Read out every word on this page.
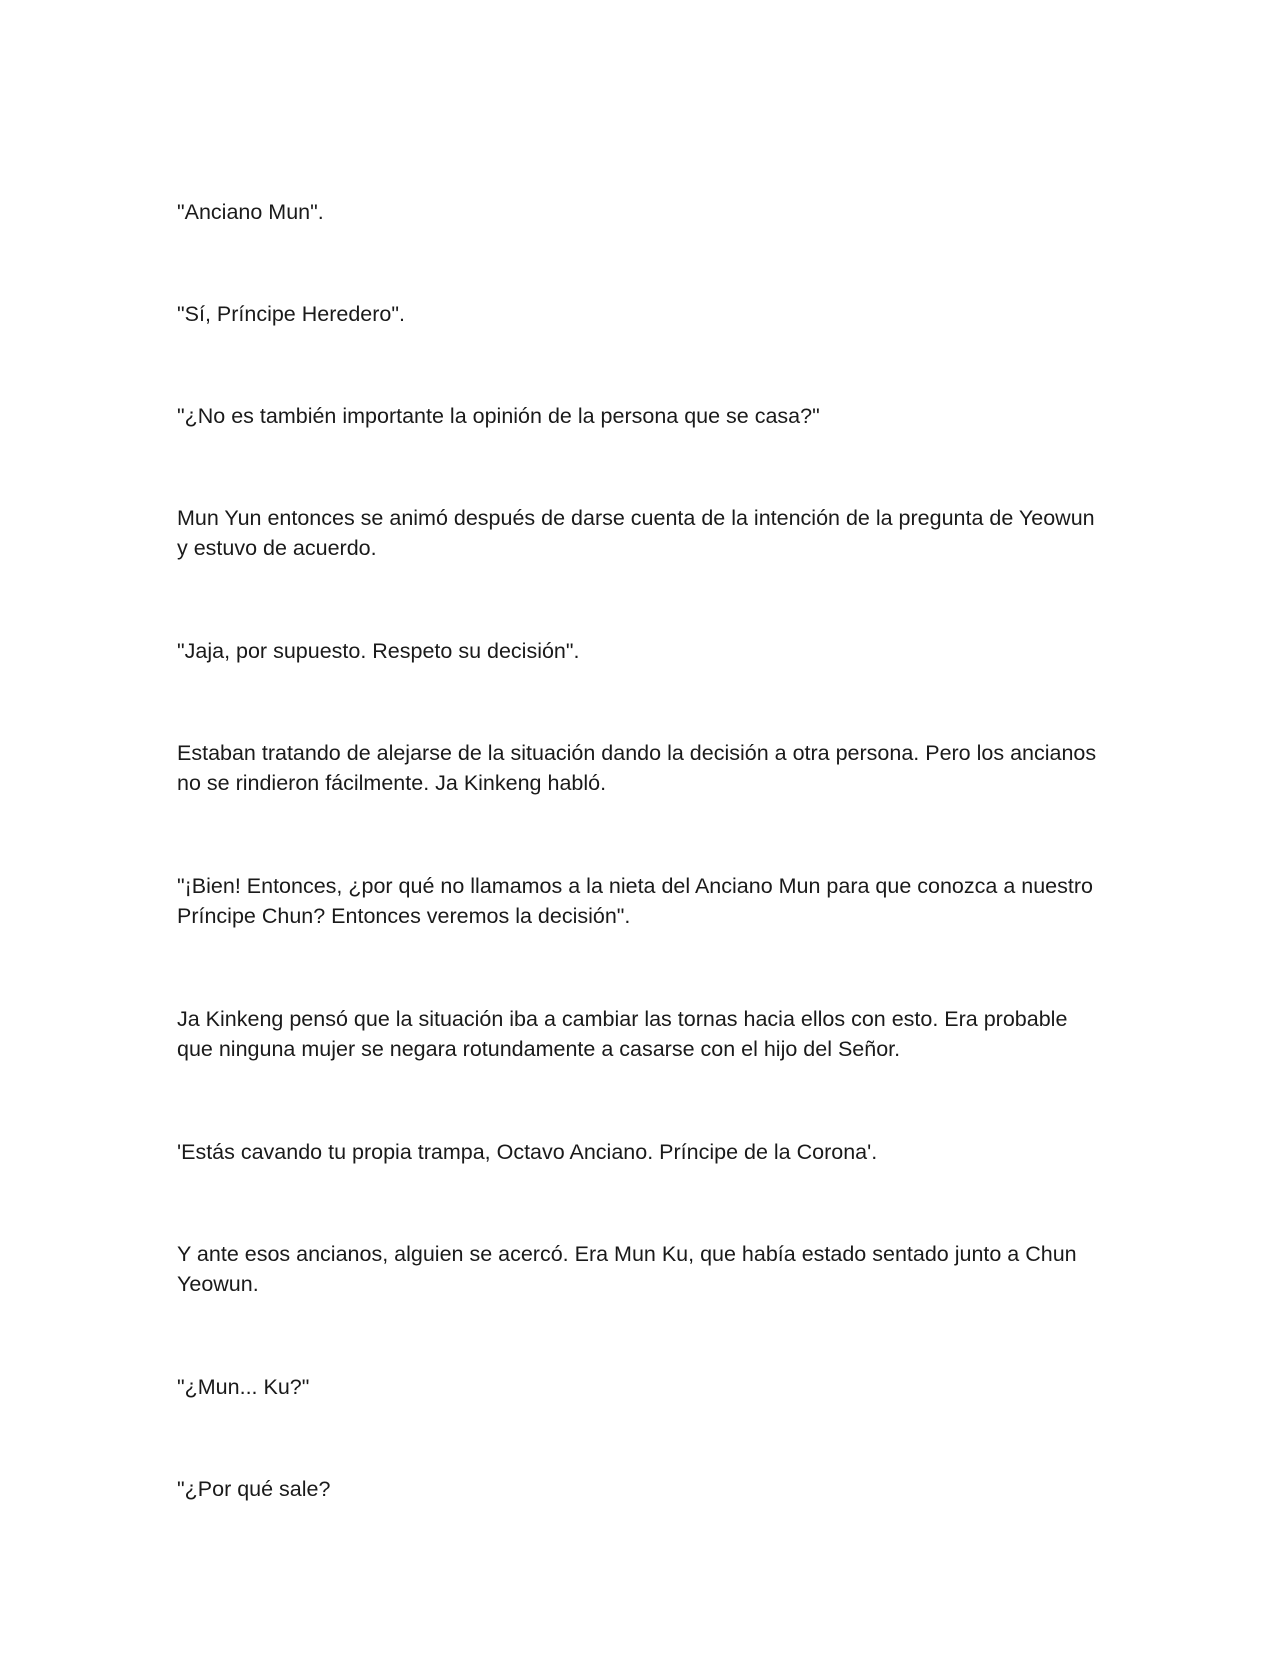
"Anciano Mun".

"Sí, Príncipe Heredero".

"¿No es también importante la opinión de la persona que se casa?"

Mun Yun entonces se animó después de darse cuenta de la intención de la pregunta de Yeowun y estuvo de acuerdo.

"Jaja, por supuesto. Respeto su decisión".

Estaban tratando de alejarse de la situación dando la decisión a otra persona. Pero los ancianos no se rindieron fácilmente. Ja Kinkeng habló.

"¡Bien! Entonces, ¿por qué no llamamos a la nieta del Anciano Mun para que conozca a nuestro Príncipe Chun? Entonces veremos la decisión".

Ja Kinkeng pensó que la situación iba a cambiar las tornas hacia ellos con esto. Era probable que ninguna mujer se negara rotundamente a casarse con el hijo del Señor.

'Estás cavando tu propia trampa, Octavo Anciano. Príncipe de la Corona'.

Y ante esos ancianos, alguien se acercó. Era Mun Ku, que había estado sentado junto a Chun Yeowun.

"¿Mun... Ku?"

"¿Por qué sale?
